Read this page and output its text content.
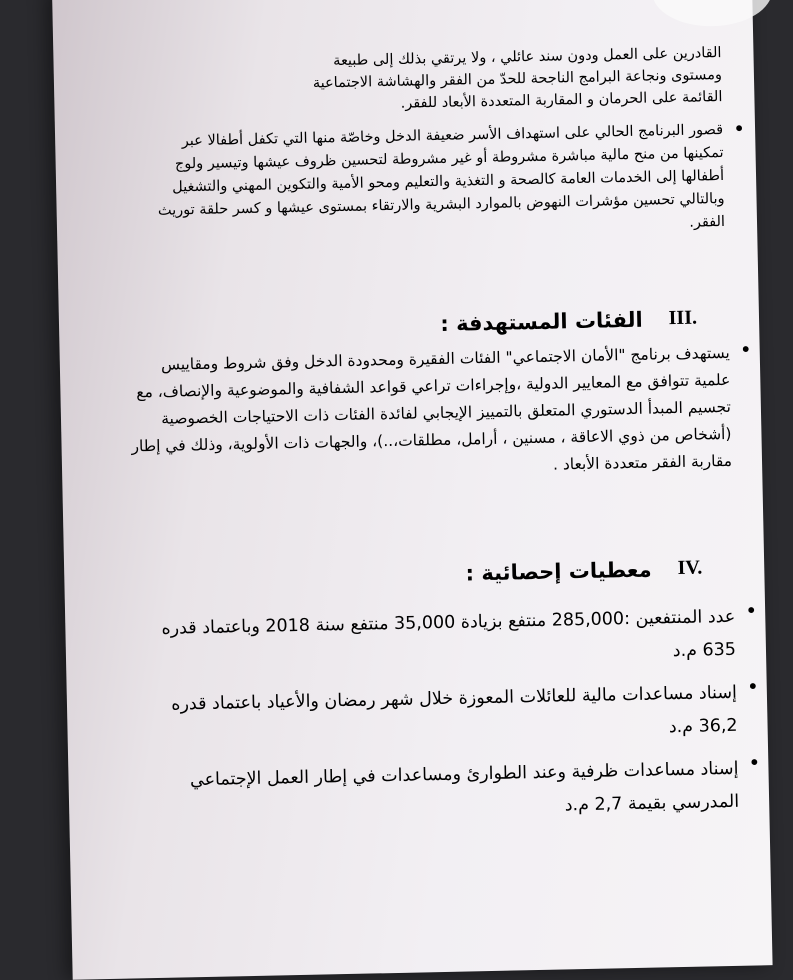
القادرين على العمل ودون سند عائلي ، ولا يرتقي بذلك إلى طبيعة

ومستوى ونجاعة البرامج الناجحة للحدّ من الفقر والهشاشة الاجتماعية

القائمة على الحرمان و المقاربة المتعددة الأبعاد للفقر.

• قصور البرنامج الحالي على استهداف الأسر ضعيفة الدخل وخاصّة منها التي تكفل أطفالا عبر تمكينها من منح مالية مباشرة مشروطة أو غير مشروطة لتحسين ظروف عيشها وتيسير ولوج أطفالها إلى الخدمات العامة كالصحة و التغذية والتعليم ومحو الأمية والتكوين المهني والتشغيل وبالتالي تحسين مؤشرات النهوض بالموارد البشرية والارتقاء بمستوى عيشها و كسر حلقة توريث الفقر.
III.
الفئات المستهدفة :
• يستهدف برنامج "الأمان الاجتماعي" الفئات الفقيرة ومحدودة الدخل وفق شروط ومقاييس علمية تتوافق مع المعايير الدولية ،وإجراءات تراعي قواعد الشفافية والموضوعية والإنصاف، مع تجسيم المبدأ الدستوري المتعلق بالتمييز الإيجابي لفائدة الفئات ذات الاحتياجات الخصوصية (أشخاص من ذوي الاعاقة ، مسنين ، أرامل، مطلقات،..)، والجهات ذات الأولوية، وذلك في إطار مقاربة الفقر متعددة الأبعاد .
IV.
معطيات إحصائية :
• عدد المنتفعين :285,000 منتفع بزيادة 35,000 منتفع سنة 2018 وباعتماد قدره 635 م.د
• إسناد مساعدات مالية للعائلات المعوزة خلال شهر رمضان والأعياد باعتماد قدره 36,2 م.د
• إسناد مساعدات ظرفية وعند الطوارئ ومساعدات في إطار العمل الإجتماعي المدرسي بقيمة 2,7 م.د
